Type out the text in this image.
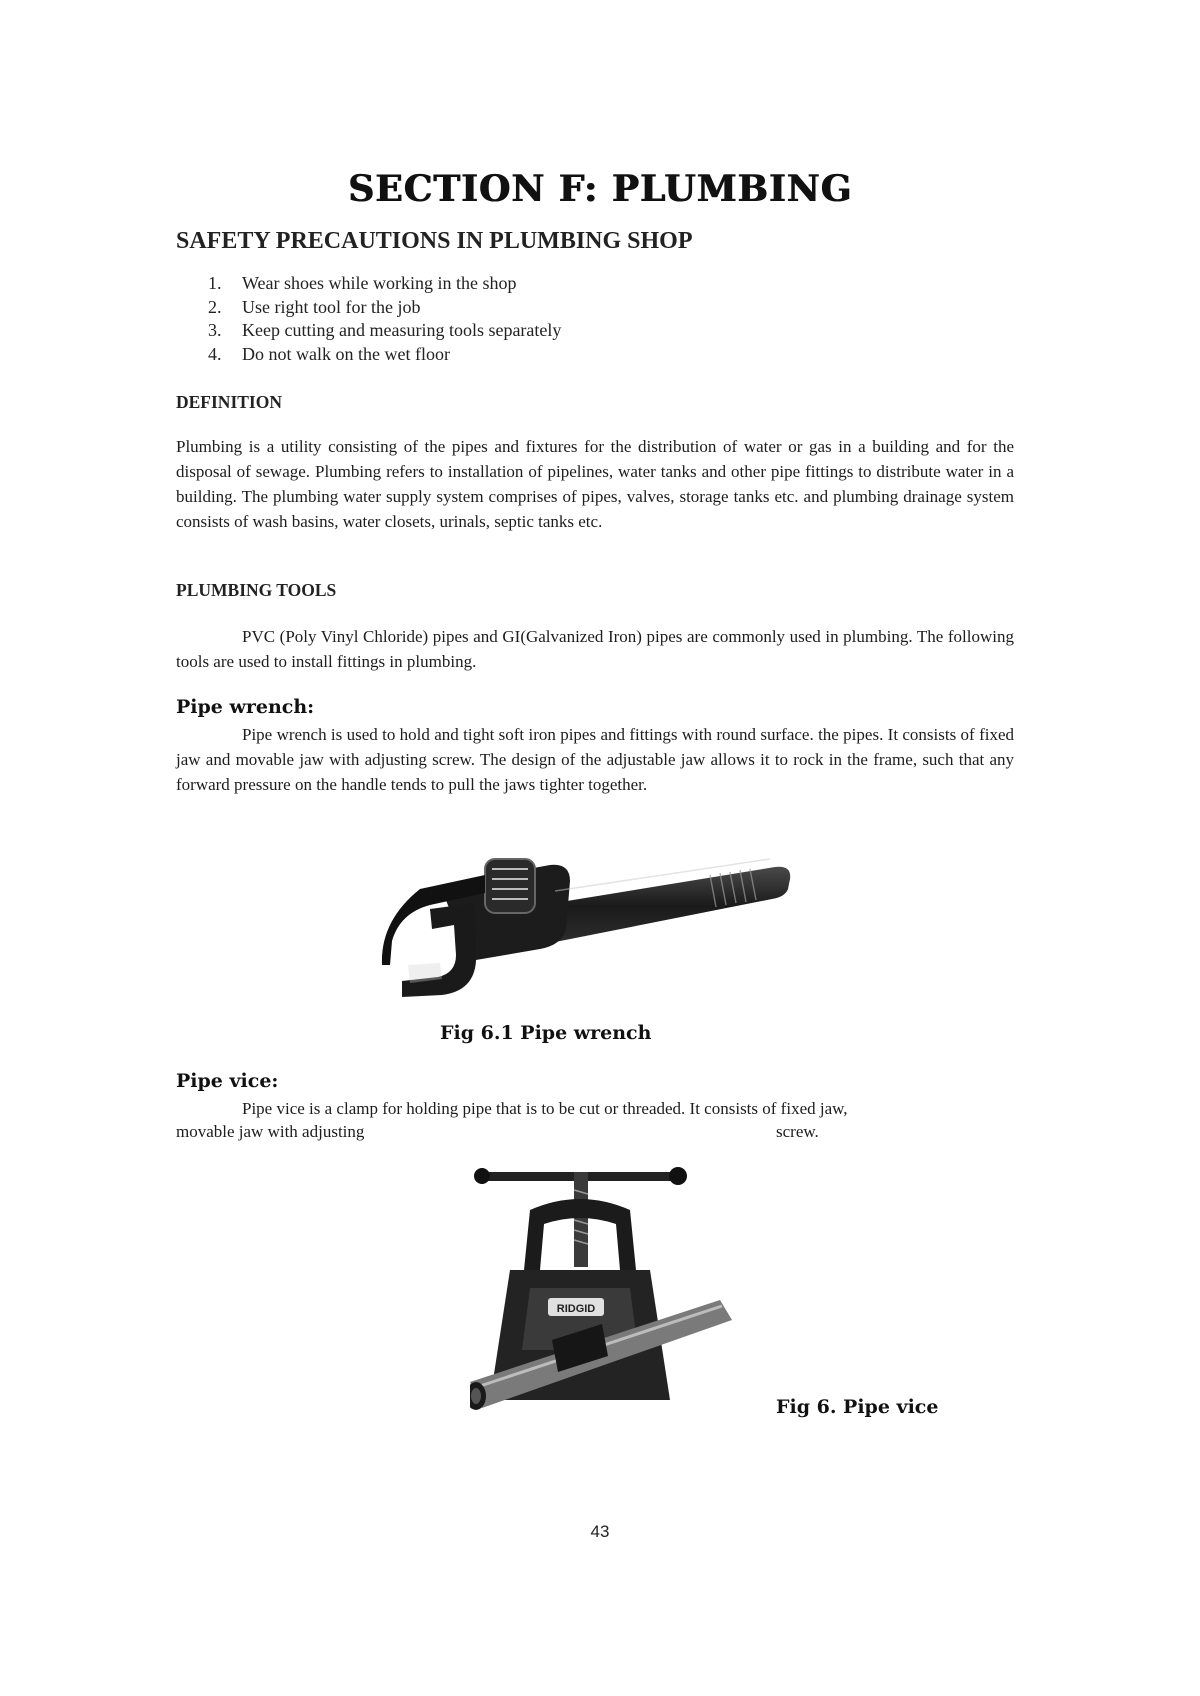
SECTION F: PLUMBING
SAFETY PRECAUTIONS IN PLUMBING SHOP
1. Wear shoes while working in the shop
2. Use right tool for the job
3. Keep cutting and measuring tools separately
4. Do not walk on the wet floor
DEFINITION

Plumbing is a utility consisting of the pipes and fixtures for the distribution of water or gas in a building and for the disposal of sewage. Plumbing refers to installation of pipelines, water tanks and other pipe fittings to distribute water in a building. The plumbing water supply system comprises of pipes, valves, storage tanks etc. and plumbing drainage system consists of wash basins, water closets, urinals, septic tanks etc.

PLUMBING TOOLS

PVC (Poly Vinyl Chloride) pipes and GI(Galvanized Iron) pipes are commonly used in plumbing. The following tools are used to install fittings in plumbing.

Pipe wrench:

Pipe wrench is used to hold and tight soft iron pipes and fittings with round surface. the pipes. It consists of fixed jaw and movable jaw with adjusting screw. The design of the adjustable jaw allows it to rock in the frame, such that any forward pressure on the handle tends to pull the jaws tighter together.

Fig 6.1 Pipe wrench
Pipe vice:
Pipe vice is a clamp for holding pipe that is to be cut or threaded. It consists of fixed jaw,
movable jaw with adjusting	screw.
RIDGID
Fig 6. Pipe vice
43
